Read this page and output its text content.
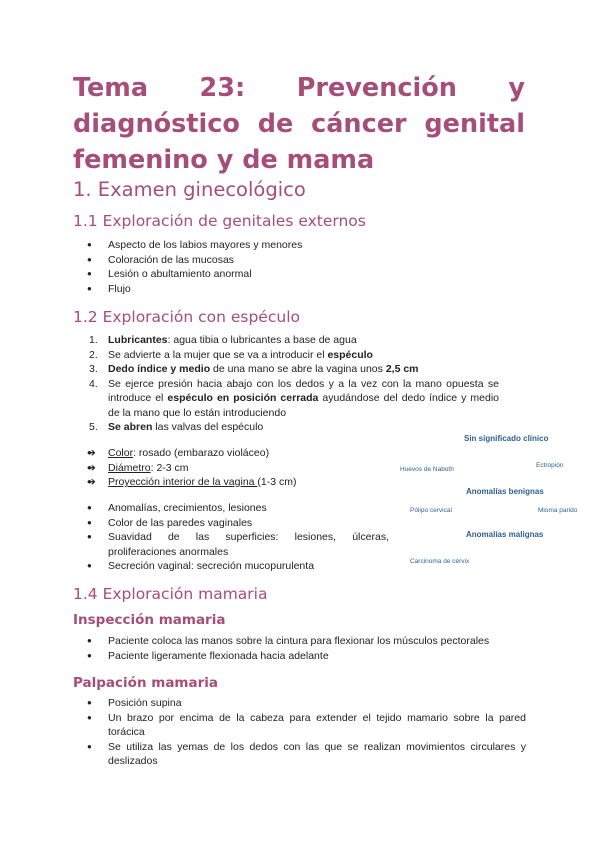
Tema 23: Prevención y diagnóstico de cáncer genital femenino y de mama
1. Examen ginecológico
1.1 Exploración de genitales externos
● Aspecto de los labios mayores y menores
● Coloración de las mucosas
● Lesión o abultamiento anormal
● Flujo
1.2 Exploración con espéculo
1. Lubricantes: agua tibia o lubricantes a base de agua
2. Se advierte a la mujer que se va a introducir el espéculo
3. Dedo índice y medio de una mano se abre la vagina unos 2,5 cm
4. Se ejerce presión hacia abajo con los dedos y a la vez con la mano opuesta se introduce el espéculo en posición cerrada ayudándose del dedo índice y medio de la mano que lo están introduciendo
5. Se abren las valvas del espéculo
● ➔ Color: rosado (embarazo violáceo)
● ➔ Diámetro: 2-3 cm
● ➔ Proyección interior de la vagina (1-3 cm)
● Anomalías, crecimientos, lesiones
● Color de las paredes vaginales
● Suavidad de las superficies: lesiones, úlceras, proliferaciones anormales
● Secreción vaginal: secreción mucopurulenta
Sin significado clínico
Huevos de Naboth
Ectropión
Anomalías benignas
Pólipo cervical	Mioma parido
Anomalías malignas
Carcinoma de cérvix
1.4 Exploración mamaria
Inspección mamaria
● Paciente coloca las manos sobre la cintura para flexionar los músculos pectorales
● Paciente ligeramente flexionada hacia adelante
Palpación mamaria
● Posición supina
● Un brazo por encima de la cabeza para extender el tejido mamario sobre la pared torácica
● Se utiliza las yemas de los dedos con las que se realizan movimientos circulares y deslizados
